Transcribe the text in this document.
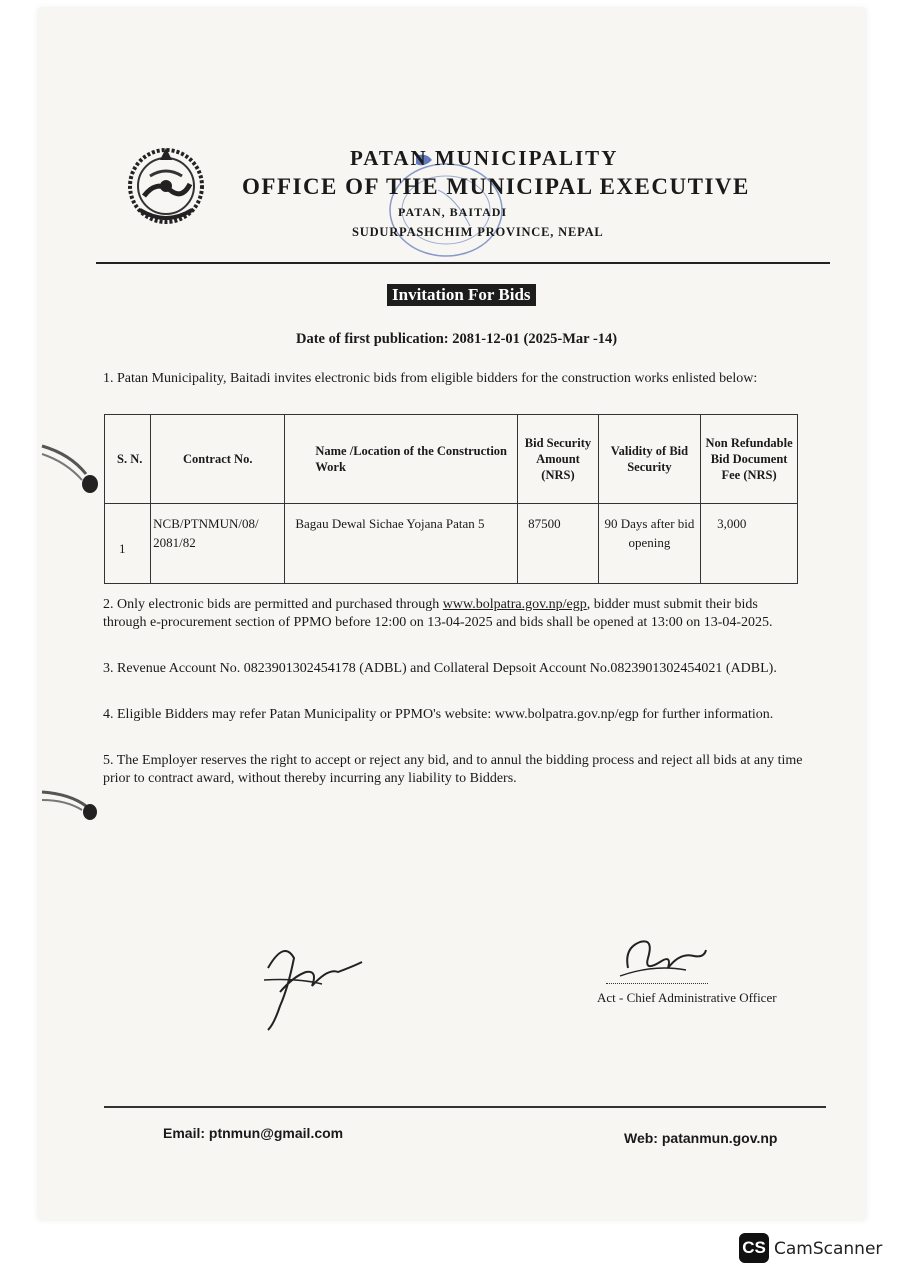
PATAN MUNICIPALITY
OFFICE OF THE MUNICIPAL EXECUTIVE
PATAN, BAITADI
SUDURPASHCHIM PROVINCE, NEPAL
Invitation For Bids
Date of first publication: 2081-12-01 (2025-Mar -14)
1. Patan Municipality, Baitadi invites electronic bids from eligible bidders for the construction works enlisted below:
S. N.	Contract No.	Name /Location of the Construction Work	Bid Security Amount (NRS)	Validity of Bid Security	Non Refundable Bid Document Fee (NRS)
1	NCB/PTNMUN/08/ 2081/82	Bagau Dewal Sichae Yojana Patan 5	87500	90 Days after bid opening	3,000
2. Only electronic bids are permitted and purchased through www.bolpatra.gov.np/egp, bidder must submit their bids through e-procurement section of PPMO before 12:00 on 13-04-2025 and bids shall be opened at 13:00 on 13-04-2025.
3. Revenue Account No. 0823901302454178 (ADBL) and Collateral Depsoit Account No.0823901302454021 (ADBL).
4. Eligible Bidders may refer Patan Municipality or PPMO's website: www.bolpatra.gov.np/egp for further information.
5. The Employer reserves the right to accept or reject any bid, and to annul the bidding process and reject all bids at any time prior to contract award, without thereby incurring any liability to Bidders.
Act - Chief Administrative Officer
Email: ptnmun@gmail.com	Web: patanmun.gov.np
CS CamScanner
